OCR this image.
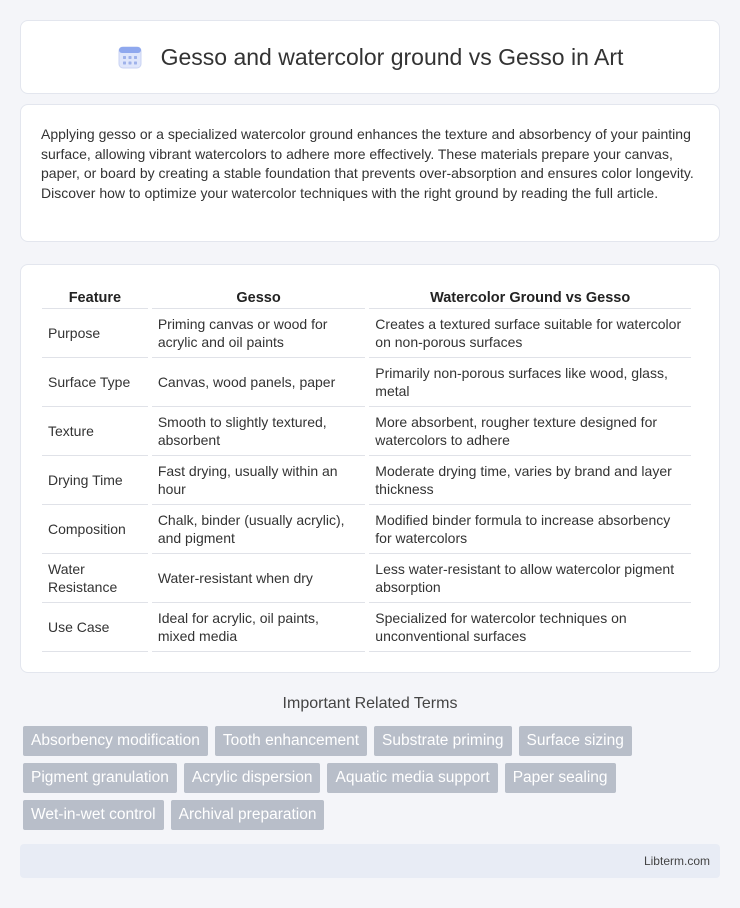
Gesso and watercolor ground vs Gesso in Art

Applying gesso or a specialized watercolor ground enhances the texture and absorbency of your painting surface, allowing vibrant watercolors to adhere more effectively. These materials prepare your canvas, paper, or board by creating a stable foundation that prevents over-absorption and ensures color longevity. Discover how to optimize your watercolor techniques with the right ground by reading the full article.

Feature	Gesso	Watercolor Ground vs Gesso
Purpose	Priming canvas or wood for acrylic and oil paints	Creates a textured surface suitable for watercolor on non-porous surfaces
Surface Type	Canvas, wood panels, paper	Primarily non-porous surfaces like wood, glass, metal
Texture	Smooth to slightly textured, absorbent	More absorbent, rougher texture designed for watercolors to adhere
Drying Time	Fast drying, usually within an hour	Moderate drying time, varies by brand and layer thickness
Composition	Chalk, binder (usually acrylic), and pigment	Modified binder formula to increase absorbency for watercolors
Water Resistance	Water-resistant when dry	Less water-resistant to allow watercolor pigment absorption
Use Case	Ideal for acrylic, oil paints, mixed media	Specialized for watercolor techniques on unconventional surfaces
Important Related Terms
Absorbency modification	Tooth enhancement	Substrate priming	Surface sizing
Pigment granulation	Acrylic dispersion	Aquatic media support	Paper sealing
Wet-in-wet control	Archival preparation
Libterm.com
